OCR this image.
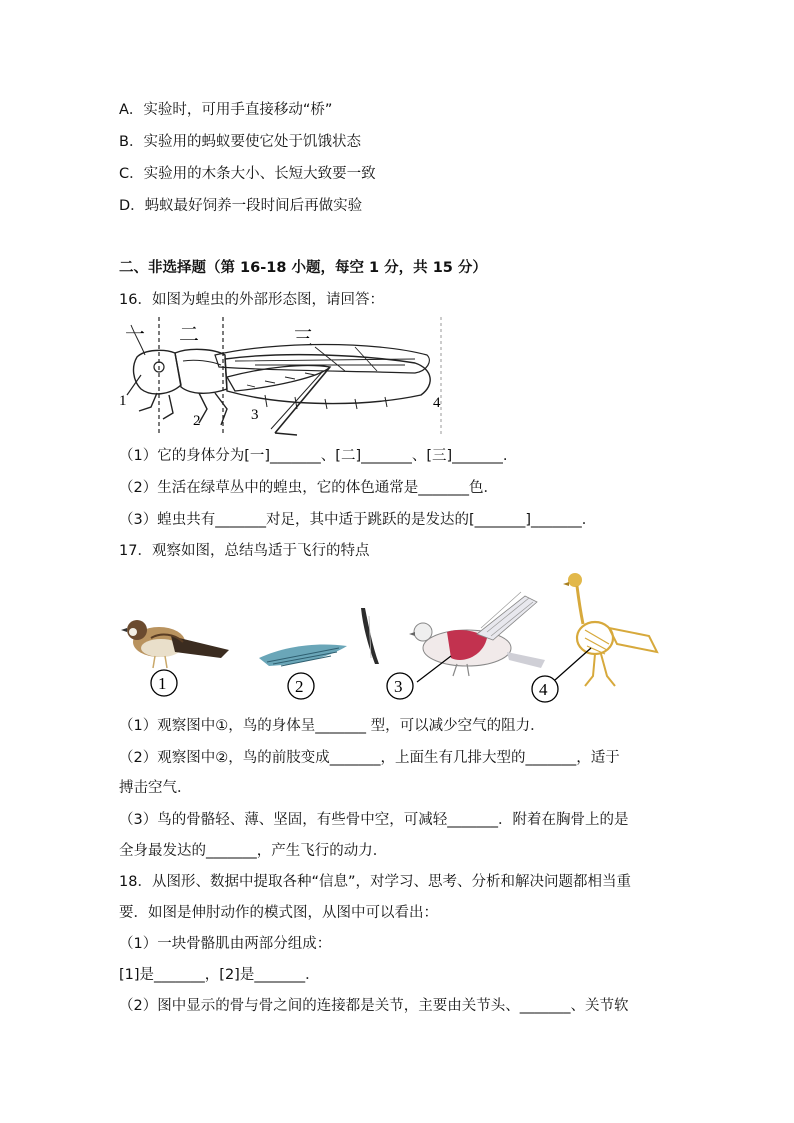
A．实验时，可用手直接移动“桥”
B．实验用的蚂蚁要使它处于饥饿状态
C．实验用的木条大小、长短大致要一致
D．蚂蚁最好饲养一段时间后再做实验
二、非选择题（第 16-18 小题，每空 1 分，共 15 分）
16．如图为蝗虫的外部形态图，请回答：
一 二	三
1
2	3
4
（1）它的身体分为[一]_______、[二]_______、[三]_______.
（2）生活在绿草丛中的蝗虫，它的体色通常是_______色．
（3）蝗虫共有_______对足，其中适于跳跃的是发达的[_______]_______．
17．观察如图，总结鸟适于飞行的特点
1	2	3	4
（1）观察图中①，鸟的身体呈_______ 型，可以减少空气的阻力．
（2）观察图中②，鸟的前肢变成_______，上面生有几排大型的_______，适于
搏击空气．
（3）鸟的骨骼轻、薄、坚固，有些骨中空，可减轻_______．附着在胸骨上的是
全身最发达的_______，产生飞行的动力．
18．从图形、数据中提取各种“信息”，对学习、思考、分析和解决问题都相当重
要．如图是伸肘动作的模式图，从图中可以看出：
（1）一块骨骼肌由两部分组成：
[1]是_______，[2]是_______．
（2）图中显示的骨与骨之间的连接都是关节，主要由关节头、_______、关节软
